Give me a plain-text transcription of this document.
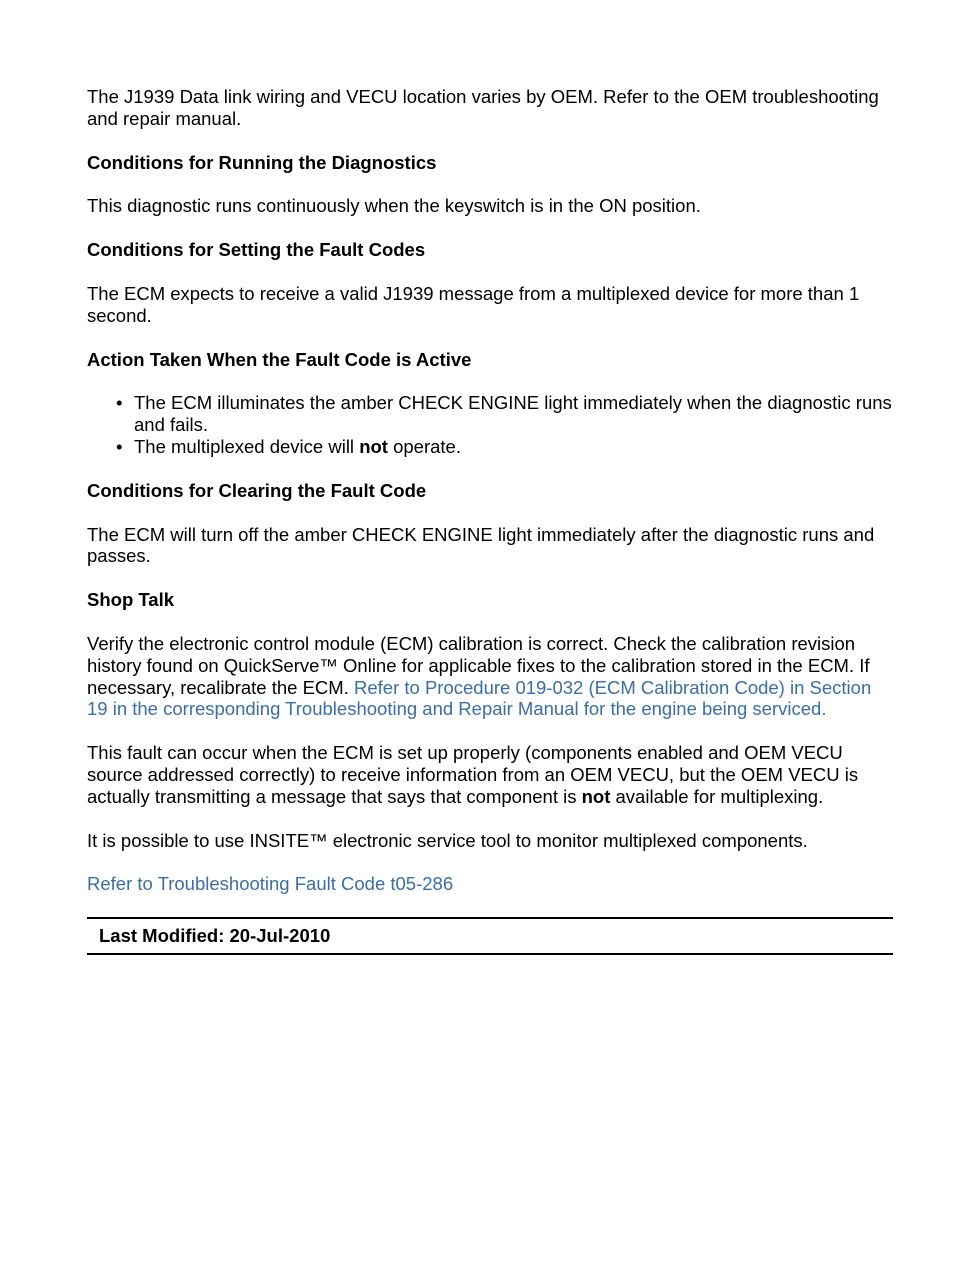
The J1939 Data link wiring and VECU location varies by OEM. Refer to the OEM troubleshooting and repair manual.

Conditions for Running the Diagnostics

This diagnostic runs continuously when the keyswitch is in the ON position.

Conditions for Setting the Fault Codes

The ECM expects to receive a valid J1939 message from a multiplexed device for more than 1 second.

Action Taken When the Fault Code is Active
• The ECM illuminates the amber CHECK ENGINE light immediately when the diagnostic runs and fails.
• The multiplexed device will not operate.
Conditions for Clearing the Fault Code

The ECM will turn off the amber CHECK ENGINE light immediately after the diagnostic runs and passes.

Shop Talk

Verify the electronic control module (ECM) calibration is correct. Check the calibration revision history found on QuickServe™ Online for applicable fixes to the calibration stored in the ECM. If necessary, recalibrate the ECM. Refer to Procedure 019-032 (ECM Calibration Code) in Section 19 in the corresponding Troubleshooting and Repair Manual for the engine being serviced.

This fault can occur when the ECM is set up properly (components enabled and OEM VECU source addressed correctly) to receive information from an OEM VECU, but the OEM VECU is actually transmitting a message that says that component is not available for multiplexing.

It is possible to use INSITE™ electronic service tool to monitor multiplexed components.

Refer to Troubleshooting Fault Code t05-286

Last Modified: 20-Jul-2010
